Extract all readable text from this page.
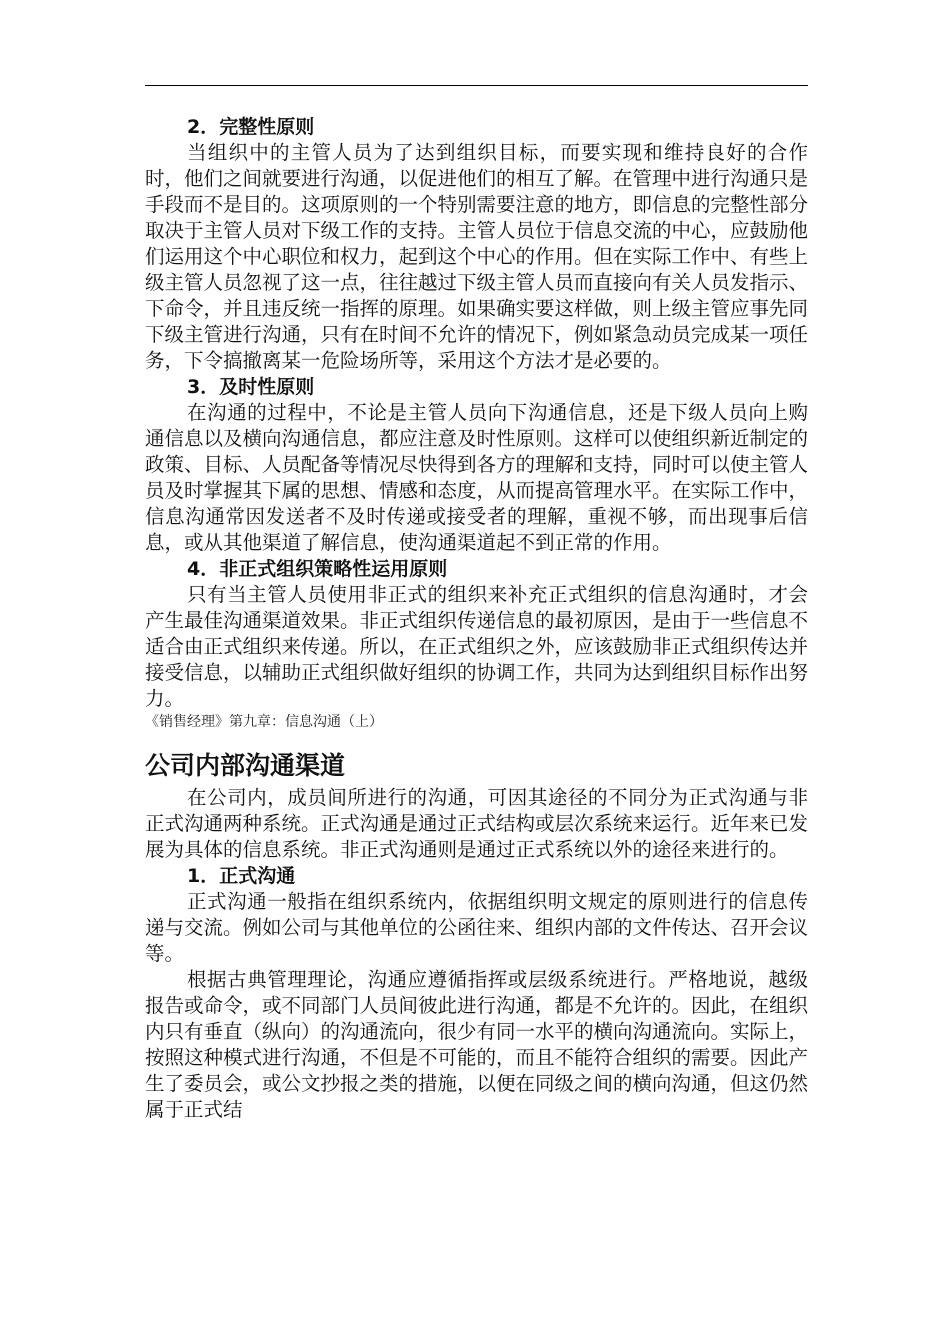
2．完整性原则

当组织中的主管人员为了达到组织目标，而要实现和维持良好的合作时，他们之间就要进行沟通，以促进他们的相互了解。在管理中进行沟通只是手段而不是目的。这项原则的一个特别需要注意的地方，即信息的完整性部分取决于主管人员对下级工作的支持。主管人员位于信息交流的中心，应鼓励他们运用这个中心职位和权力，起到这个中心的作用。但在实际工作中、有些上级主管人员忽视了这一点，往往越过下级主管人员而直接向有关人员发指示、下命令，并且违反统一指挥的原理。如果确实要这样做，则上级主管应事先同下级主管进行沟通，只有在时间不允许的情况下，例如紧急动员完成某一项任务，下令搞撤离某一危险场所等，采用这个方法才是必要的。

3．及时性原则

在沟通的过程中，不论是主管人员向下沟通信息，还是下级人员向上购通信息以及横向沟通信息，都应注意及时性原则。这样可以使组织新近制定的政策、目标、人员配备等情况尽快得到各方的理解和支持，同时可以使主管人员及时掌握其下属的思想、情感和态度，从而提高管理水平。在实际工作中，信息沟通常因发送者不及时传递或接受者的理解，重视不够，而出现事后信息，或从其他渠道了解信息，使沟通渠道起不到正常的作用。

4．非正式组织策略性运用原则

只有当主管人员使用非正式的组织来补充正式组织的信息沟通时，才会产生最佳沟通渠道效果。非正式组织传递信息的最初原因，是由于一些信息不适合由正式组织来传递。所以，在正式组织之外，应该鼓励非正式组织传达并接受信息，以辅助正式组织做好组织的协调工作，共同为达到组织目标作出努力。

《销售经理》第九章：信息沟通（上）
公司内部沟通渠道

在公司内，成员间所进行的沟通，可因其途径的不同分为正式沟通与非正式沟通两种系统。正式沟通是通过正式结构或层次系统来运行。近年来已发展为具体的信息系统。非正式沟通则是通过正式系统以外的途径来进行的。

1．正式沟通

正式沟通一般指在组织系统内，依据组织明文规定的原则进行的信息传递与交流。例如公司与其他单位的公函往来、组织内部的文件传达、召开会议等。

根据古典管理理论，沟通应遵循指挥或层级系统进行。严格地说，越级报告或命令，或不同部门人员间彼此进行沟通，都是不允许的。因此，在组织内只有垂直（纵向）的沟通流向，很少有同一水平的横向沟通流向。实际上，按照这种模式进行沟通，不但是不可能的，而且不能符合组织的需要。因此产生了委员会，或公文抄报之类的措施，以便在同级之间的横向沟通，但这仍然属于正式结
